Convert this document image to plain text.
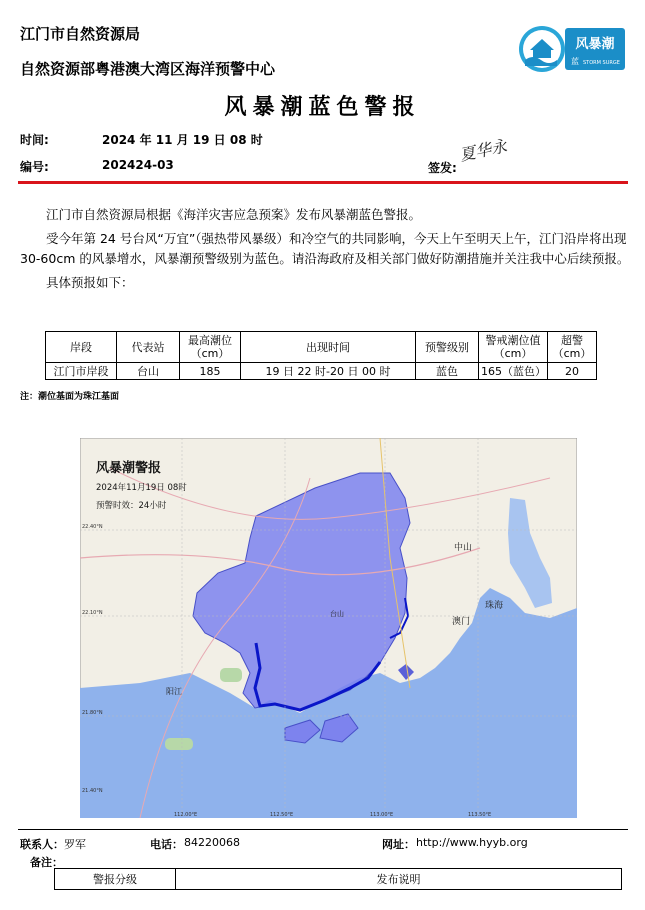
江门市自然资源局
自然资源部粤港澳大湾区海洋预警中心
风暴潮
蓝 STORM SURGE
风暴潮蓝色警报
时间:	2024 年 11 月 19 日 08 时
编号:	202424-03	签发:
夏华永

江门市自然资源局根据《海洋灾害应急预案》发布风暴潮蓝色警报。

受今年第 24 号台风“万宜”（强热带风暴级）和冷空气的共同影响，今天上午至明天上午，江门沿岸将出现 30-60cm 的风暴增水，风暴潮预警级别为蓝色。请沿海政府及相关部门做好防潮措施并关注我中心后续预报。

具体预报如下：

岸段	代表站	最高潮位（cm）	出现时间	预警级别	警戒潮位值（cm）	超警（cm）
江门市岸段	台山	185	19 日 22 时-20 日 00 时	蓝色	165（蓝色）	20
注：潮位基面为珠江基面
22.40°N
22.10°N
21.80°N
21.40°N
112.00°E	112.50°E	113.00°E	113.50°E
中山
珠海
澳门
阳江
台山
风暴潮警报
2024年11月19日 08时
预警时效：24小时
联系人： 罗军	电话： 84220068	网址： http://www.hyyb.org
备注：
警报分级	发布说明
